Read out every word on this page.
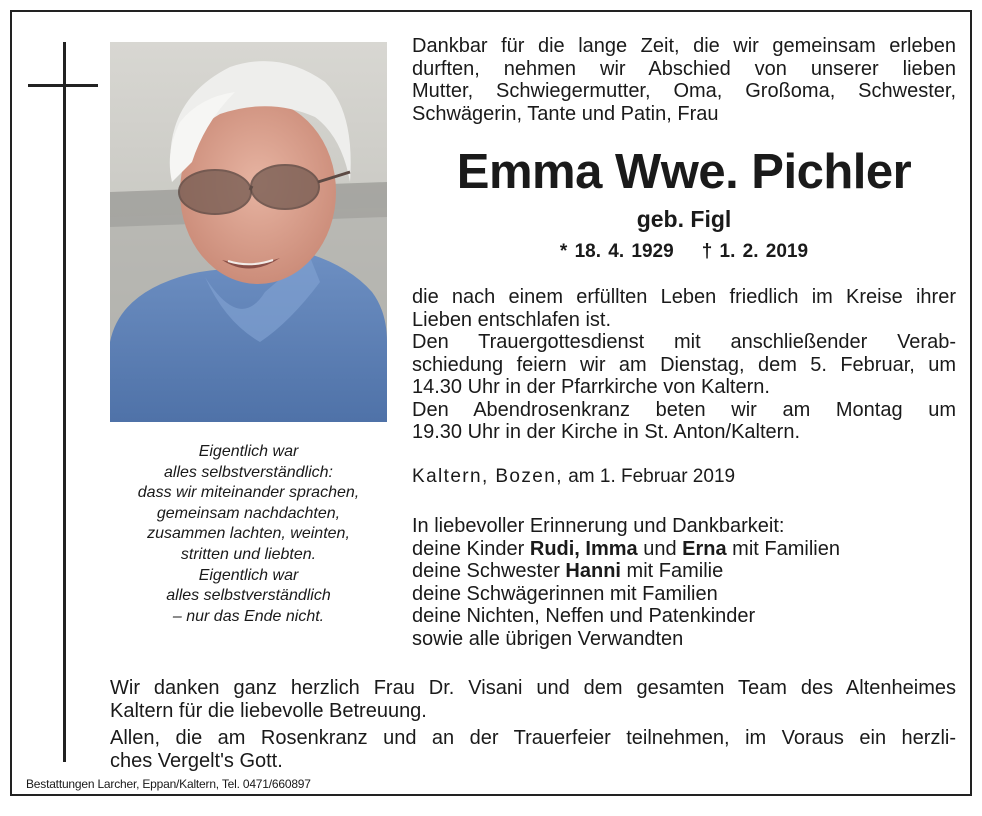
Eigentlich war
alles selbstverständlich:
dass wir miteinander sprachen,
gemeinsam nachdachten,
zusammen lachten, weinten,
stritten und liebten.
Eigentlich war
alles selbstverständlich
– nur das Ende nicht.
Dankbar für die lange Zeit, die wir gemeinsam erleben
durften, nehmen wir Abschied von unserer lieben
Mutter, Schwiegermutter, Oma, Großoma, Schwester,
Schwägerin, Tante und Patin, Frau
Emma Wwe. Pichler
geb. Figl
* 18. 4. 1929 † 1. 2. 2019
die nach einem erfüllten Leben friedlich im Kreise ihrer
Lieben entschlafen ist.
Den Trauergottesdienst mit anschließender Verab-
schiedung feiern wir am Dienstag, dem 5. Februar, um
14.30 Uhr in der Pfarrkirche von Kaltern.
Den Abendrosenkranz beten wir am Montag um
19.30 Uhr in der Kirche in St. Anton/Kaltern.
Kaltern, Bozen, am 1. Februar 2019
In liebevoller Erinnerung und Dankbarkeit:
deine Kinder Rudi, Imma und Erna mit Familien
deine Schwester Hanni mit Familie
deine Schwägerinnen mit Familien
deine Nichten, Neffen und Patenkinder
sowie alle übrigen Verwandten
Wir danken ganz herzlich Frau Dr. Visani und dem gesamten Team des Altenheimes
Kaltern für die liebevolle Betreuung.
Allen, die am Rosenkranz und an der Trauerfeier teilnehmen, im Voraus ein herzli-
ches Vergelt's Gott.
Bestattungen Larcher, Eppan/Kaltern, Tel. 0471/660897
